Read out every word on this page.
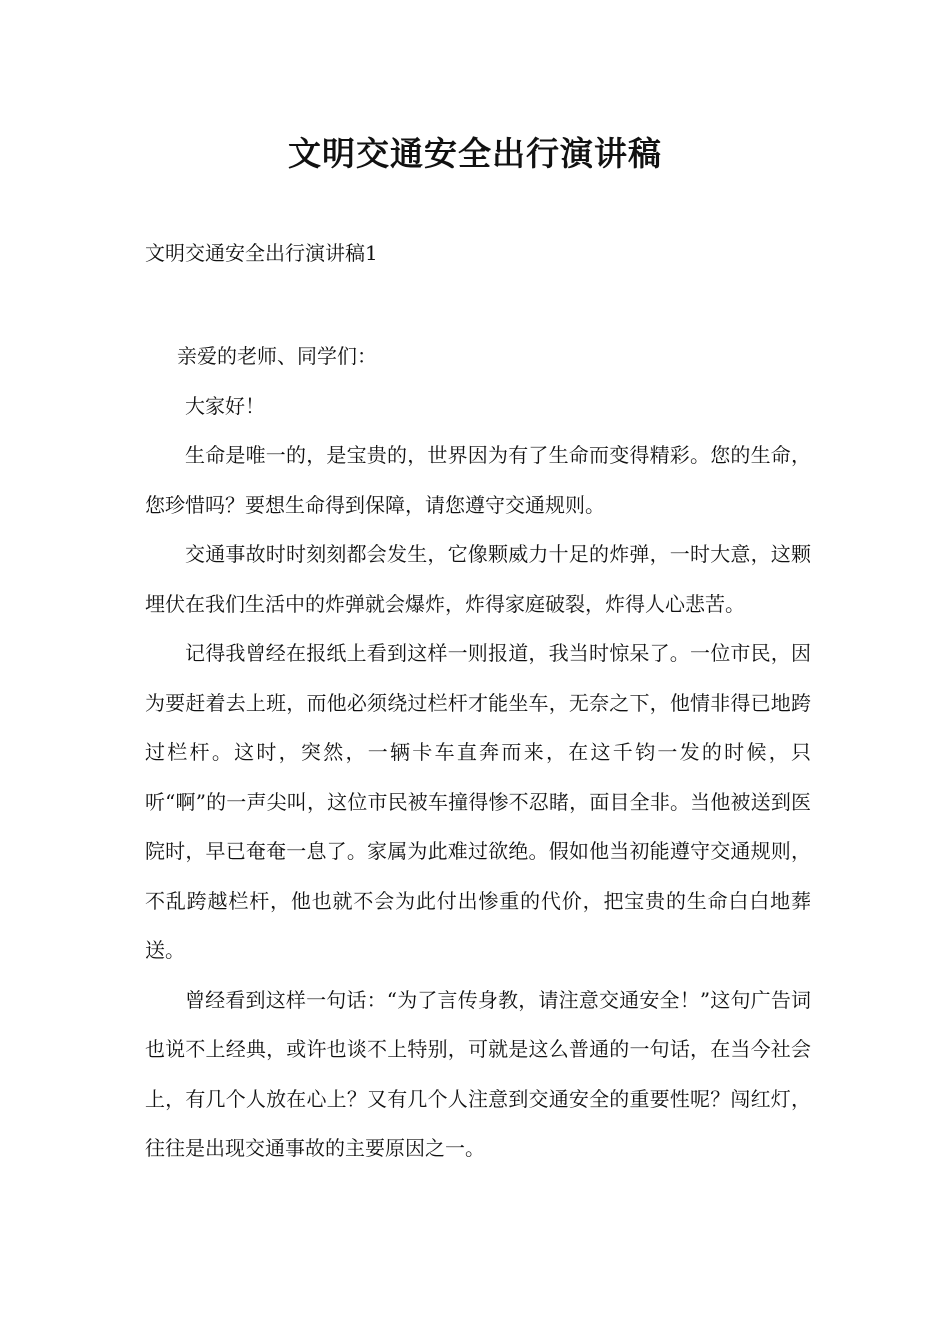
文明交通安全出行演讲稿

文明交通安全出行演讲稿1

亲爱的老师、同学们：

大家好！

生命是唯一的，是宝贵的，世界因为有了生命而变得精彩。您的生命，您珍惜吗？要想生命得到保障，请您遵守交通规则。

交通事故时时刻刻都会发生，它像颗威力十足的炸弹，一时大意，这颗埋伏在我们生活中的炸弹就会爆炸，炸得家庭破裂，炸得人心悲苦。

记得我曾经在报纸上看到这样一则报道，我当时惊呆了。一位市民，因为要赶着去上班，而他必须绕过栏杆才能坐车，无奈之下，他情非得已地跨过栏杆。这时，突然，一辆卡车直奔而来，在这千钧一发的时候，只听“啊”的一声尖叫，这位市民被车撞得惨不忍睹，面目全非。当他被送到医院时，早已奄奄一息了。家属为此难过欲绝。假如他当初能遵守交通规则，不乱跨越栏杆，他也就不会为此付出惨重的代价，把宝贵的生命白白地葬送。

曾经看到这样一句话：“为了言传身教，请注意交通安全！”这句广告词也说不上经典，或许也谈不上特别，可就是这么普通的一句话，在当今社会上，有几个人放在心上？又有几个人注意到交通安全的重要性呢？闯红灯，往往是出现交通事故的主要原因之一。
